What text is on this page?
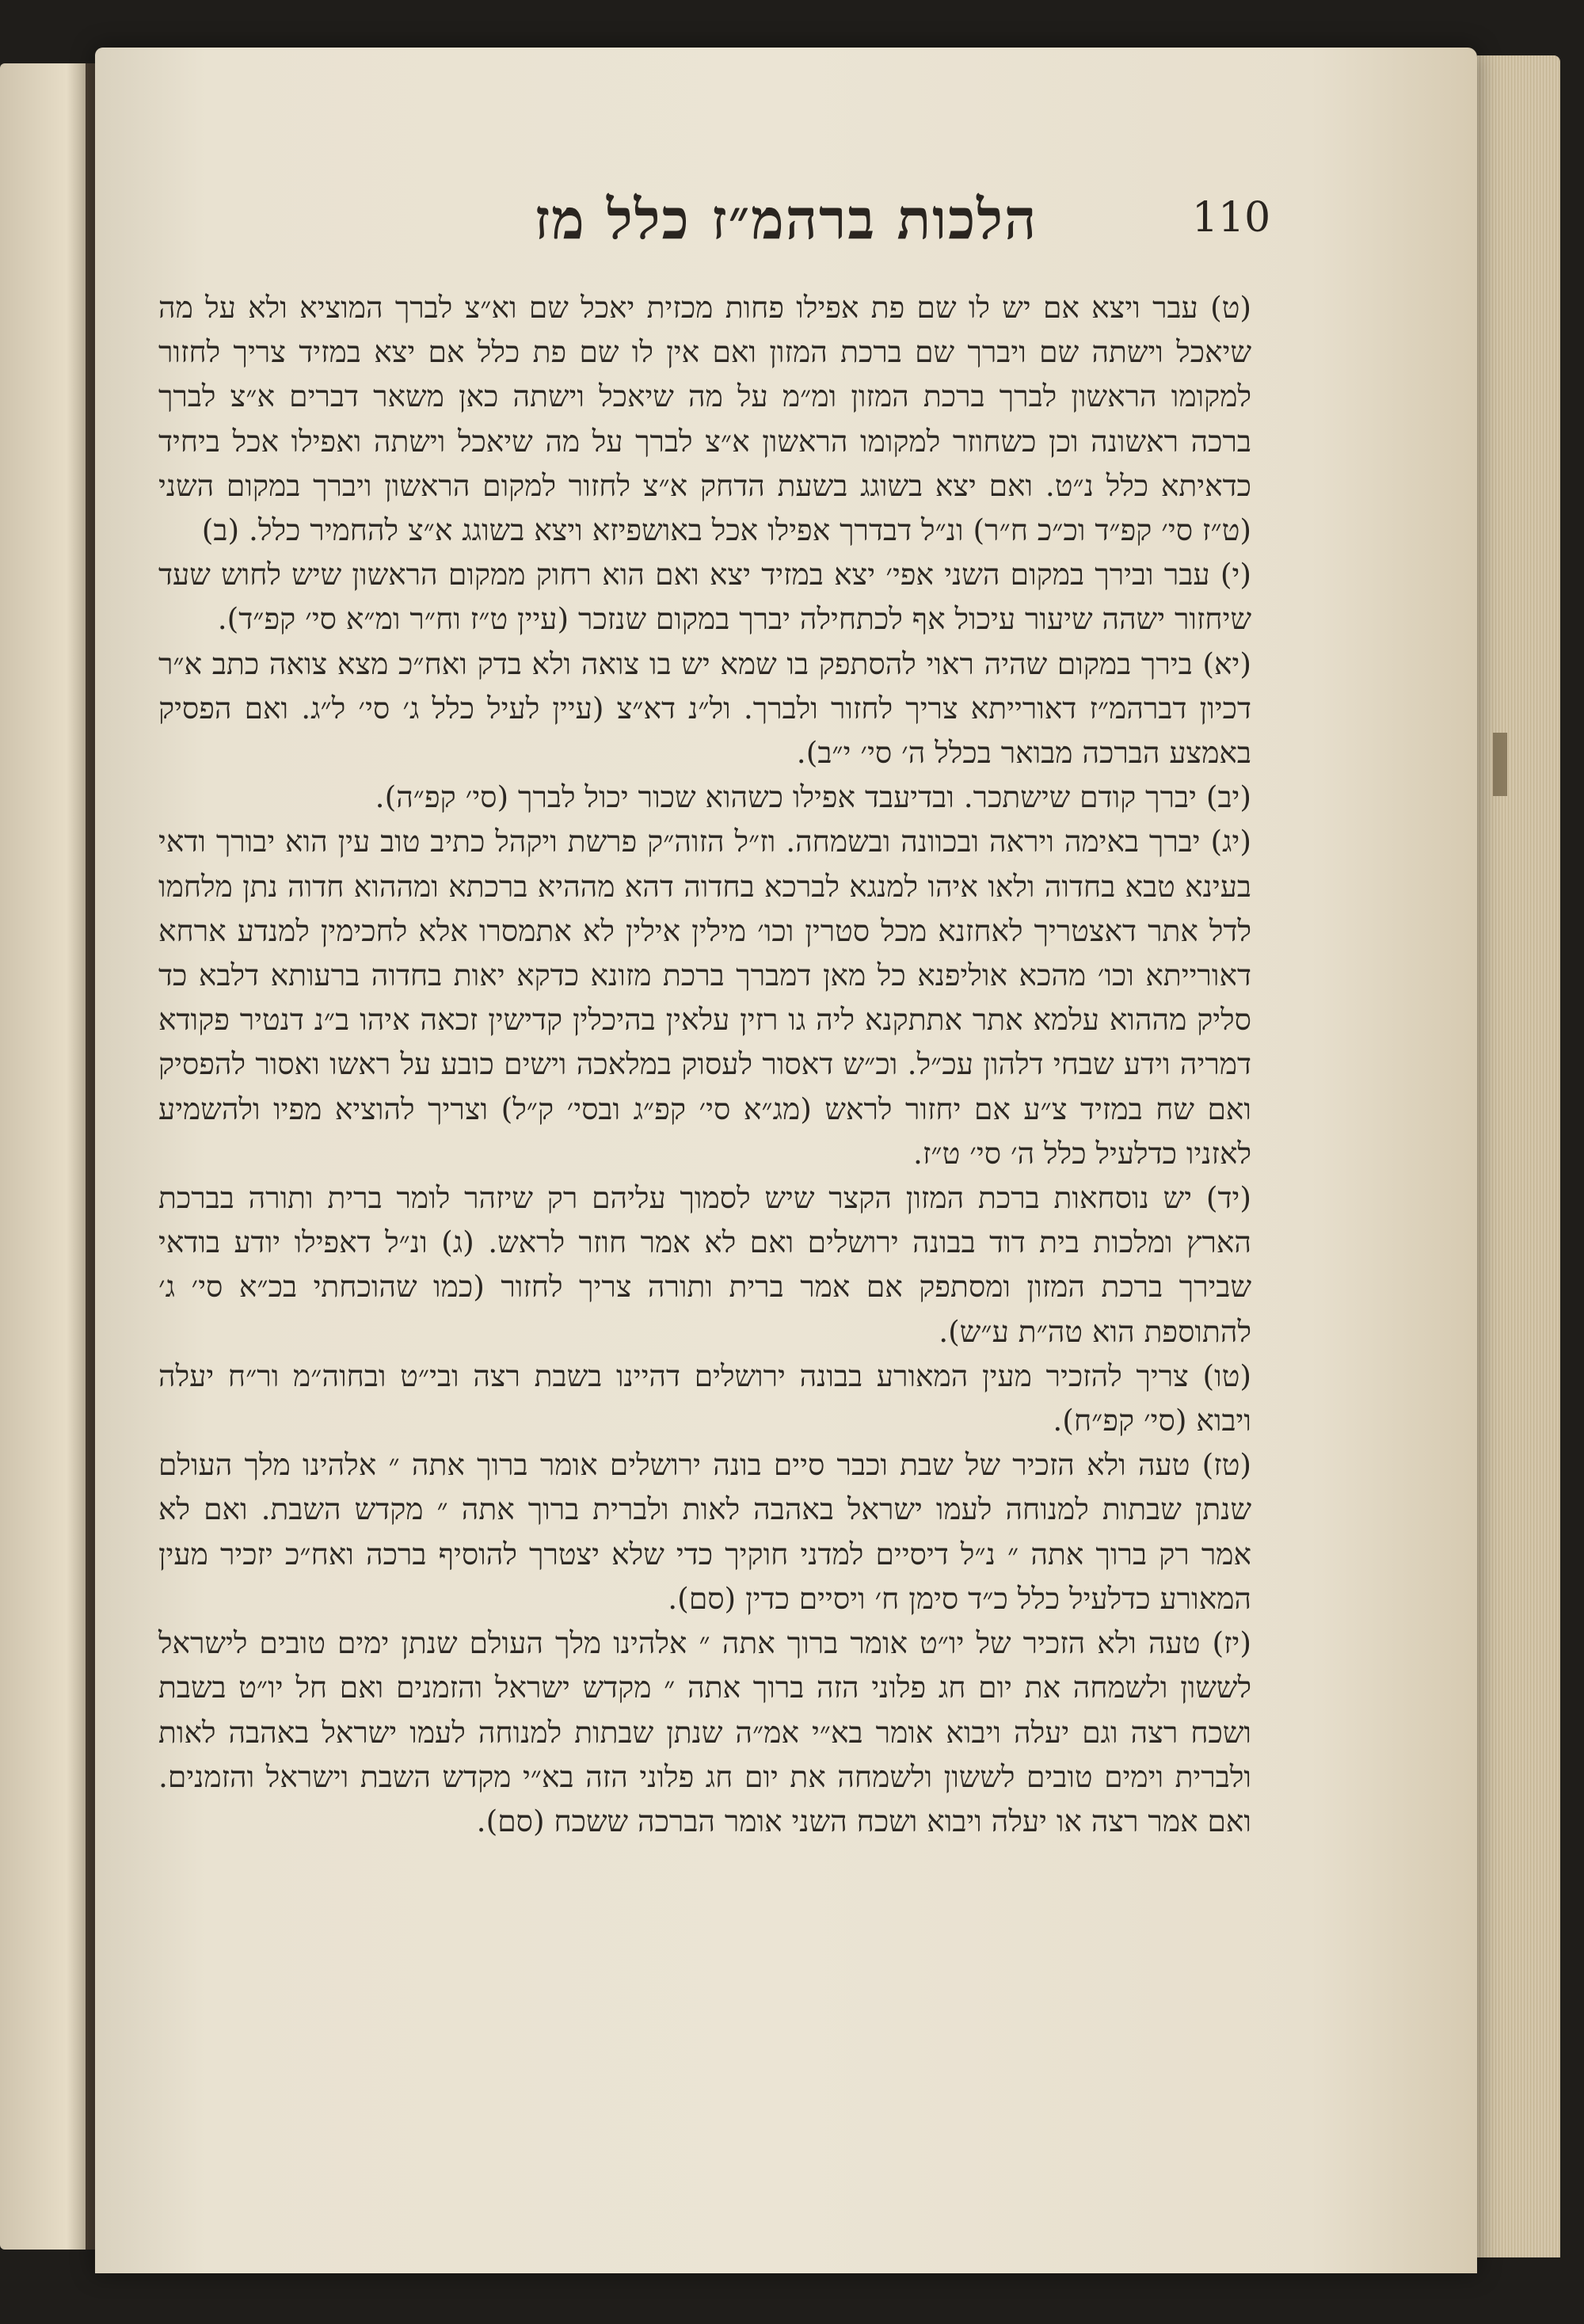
הלכות ברהמ״ז כלל מז	110

(ט) עבר ויצא אם יש לו שם פת אפילו פחות מכזית יאכל שם וא״צ לברך המוציא ולא על מה שיאכל וישתה שם ויברך שם ברכת המזון ואם אין לו שם פת כלל אם יצא במזיד צריך לחזור למקומו הראשון לברך ברכת המזון ומ״מ על מה שיאכל וישתה כאן משאר דברים א״צ לברך ברכה ראשונה וכן כשחוזר למקומו הראשון א״צ לברך על מה שיאכל וישתה ואפילו אכל ביחיד כדאיתא כלל נ״ט. ואם יצא בשוגג בשעת הדחק א״צ לחזור למקום הראשון ויברך במקום השני (ט״ז סי׳ קפ״ד וכ״כ ח״ר) ונ״ל דבדרך אפילו אכל באושפיזא ויצא בשוגג א״צ להחמיר כלל. (ב)

(י) עבר ובירך במקום השני אפי׳ יצא במזיד יצא ואם הוא רחוק ממקום הראשון שיש לחוש שעד שיחזור ישהה שיעור עיכול אף לכתחילה יברך במקום שנזכר (עיין ט״ז וח״ר ומ״א סי׳ קפ״ד).

(יא) בירך במקום שהיה ראוי להסתפק בו שמא יש בו צואה ולא בדק ואח״כ מצא צואה כתב א״ר דכיון דברהמ״ז דאורייתא צריך לחזור ולברך. ול״נ דא״צ (עיין לעיל כלל ג׳ סי׳ ל״ג. ואם הפסיק באמצע הברכה מבואר בכלל ה׳ סי׳ י״ב).

(יב) יברך קודם שישתכר. ובדיעבד אפילו כשהוא שכור יכול לברך (סי׳ קפ״ה).

(יג) יברך באימה ויראה ובכוונה ובשמחה. וז״ל הזוה״ק פרשת ויקהל כתיב טוב עין הוא יבורך ודאי בעינא טבא בחדוה ולאו איהו למנגא לברכא בחדוה דהא מההיא ברכתא ומההוא חדוה נתן מלחמו לדל אתר דאצטריך לאחזנא מכל סטרין וכו׳ מילין אילין לא אתמסרו אלא לחכימין למנדע ארחא דאורייתא וכו׳ מהכא אוליפנא כל מאן דמברך ברכת מזונא כדקא יאות בחדוה ברעותא דלבא כד סליק מההוא עלמא אתר אתתקנא ליה גו רזין עלאין בהיכלין קדישין זכאה איהו ב״נ דנטיר פקודא דמריה וידע שבחי דלהון עכ״ל. וכ״ש דאסור לעסוק במלאכה וישים כובע על ראשו ואסור להפסיק ואם שח במזיד צ״ע אם יחזור לראש (מג״א סי׳ קפ״ג ובסי׳ ק״ל) וצריך להוציא מפיו ולהשמיע לאזניו כדלעיל כלל ה׳ סי׳ ט״ז.

(יד) יש נוסחאות ברכת המזון הקצר שיש לסמוך עליהם רק שיזהר לומר ברית ותורה בברכת הארץ ומלכות בית דוד בבונה ירושלים ואם לא אמר חוזר לראש. (ג) ונ״ל דאפילו יודע בודאי שבירך ברכת המזון ומסתפק אם אמר ברית ותורה צריך לחזור (כמו שהוכחתי בכ״א סי׳ ג׳ להתוספת הוא טה״ת ע״ש).

(טו) צריך להזכיר מעין המאורע בבונה ירושלים דהיינו בשבת רצה ובי״ט ובחוה״מ ור״ח יעלה ויבוא (סי׳ קפ״ח).

(טז) טעה ולא הזכיר של שבת וכבר סיים בונה ירושלים אומר ברוך אתה ״ אלהינו מלך העולם שנתן שבתות למנוחה לעמו ישראל באהבה לאות ולברית ברוך אתה ״ מקדש השבת. ואם לא אמר רק ברוך אתה ״ נ״ל דיסיים למדני חוקיך כדי שלא יצטרך להוסיף ברכה ואח״כ יזכיר מעין המאורע כדלעיל כלל כ״ד סימן ח׳ ויסיים כדין (סם).

(יז) טעה ולא הזכיר של יו״ט אומר ברוך אתה ״ אלהינו מלך העולם שנתן ימים טובים לישראל לששון ולשמחה את יום חג פלוני הזה ברוך אתה ״ מקדש ישראל והזמנים ואם חל יו״ט בשבת ושכח רצה וגם יעלה ויבוא אומר בא״י אמ״ה שנתן שבתות למנוחה לעמו ישראל באהבה לאות ולברית וימים טובים לששון ולשמחה את יום חג פלוני הזה בא״י מקדש השבת וישראל והזמנים. ואם אמר רצה או יעלה ויבוא ושכח השני אומר הברכה ששכח (סם).
